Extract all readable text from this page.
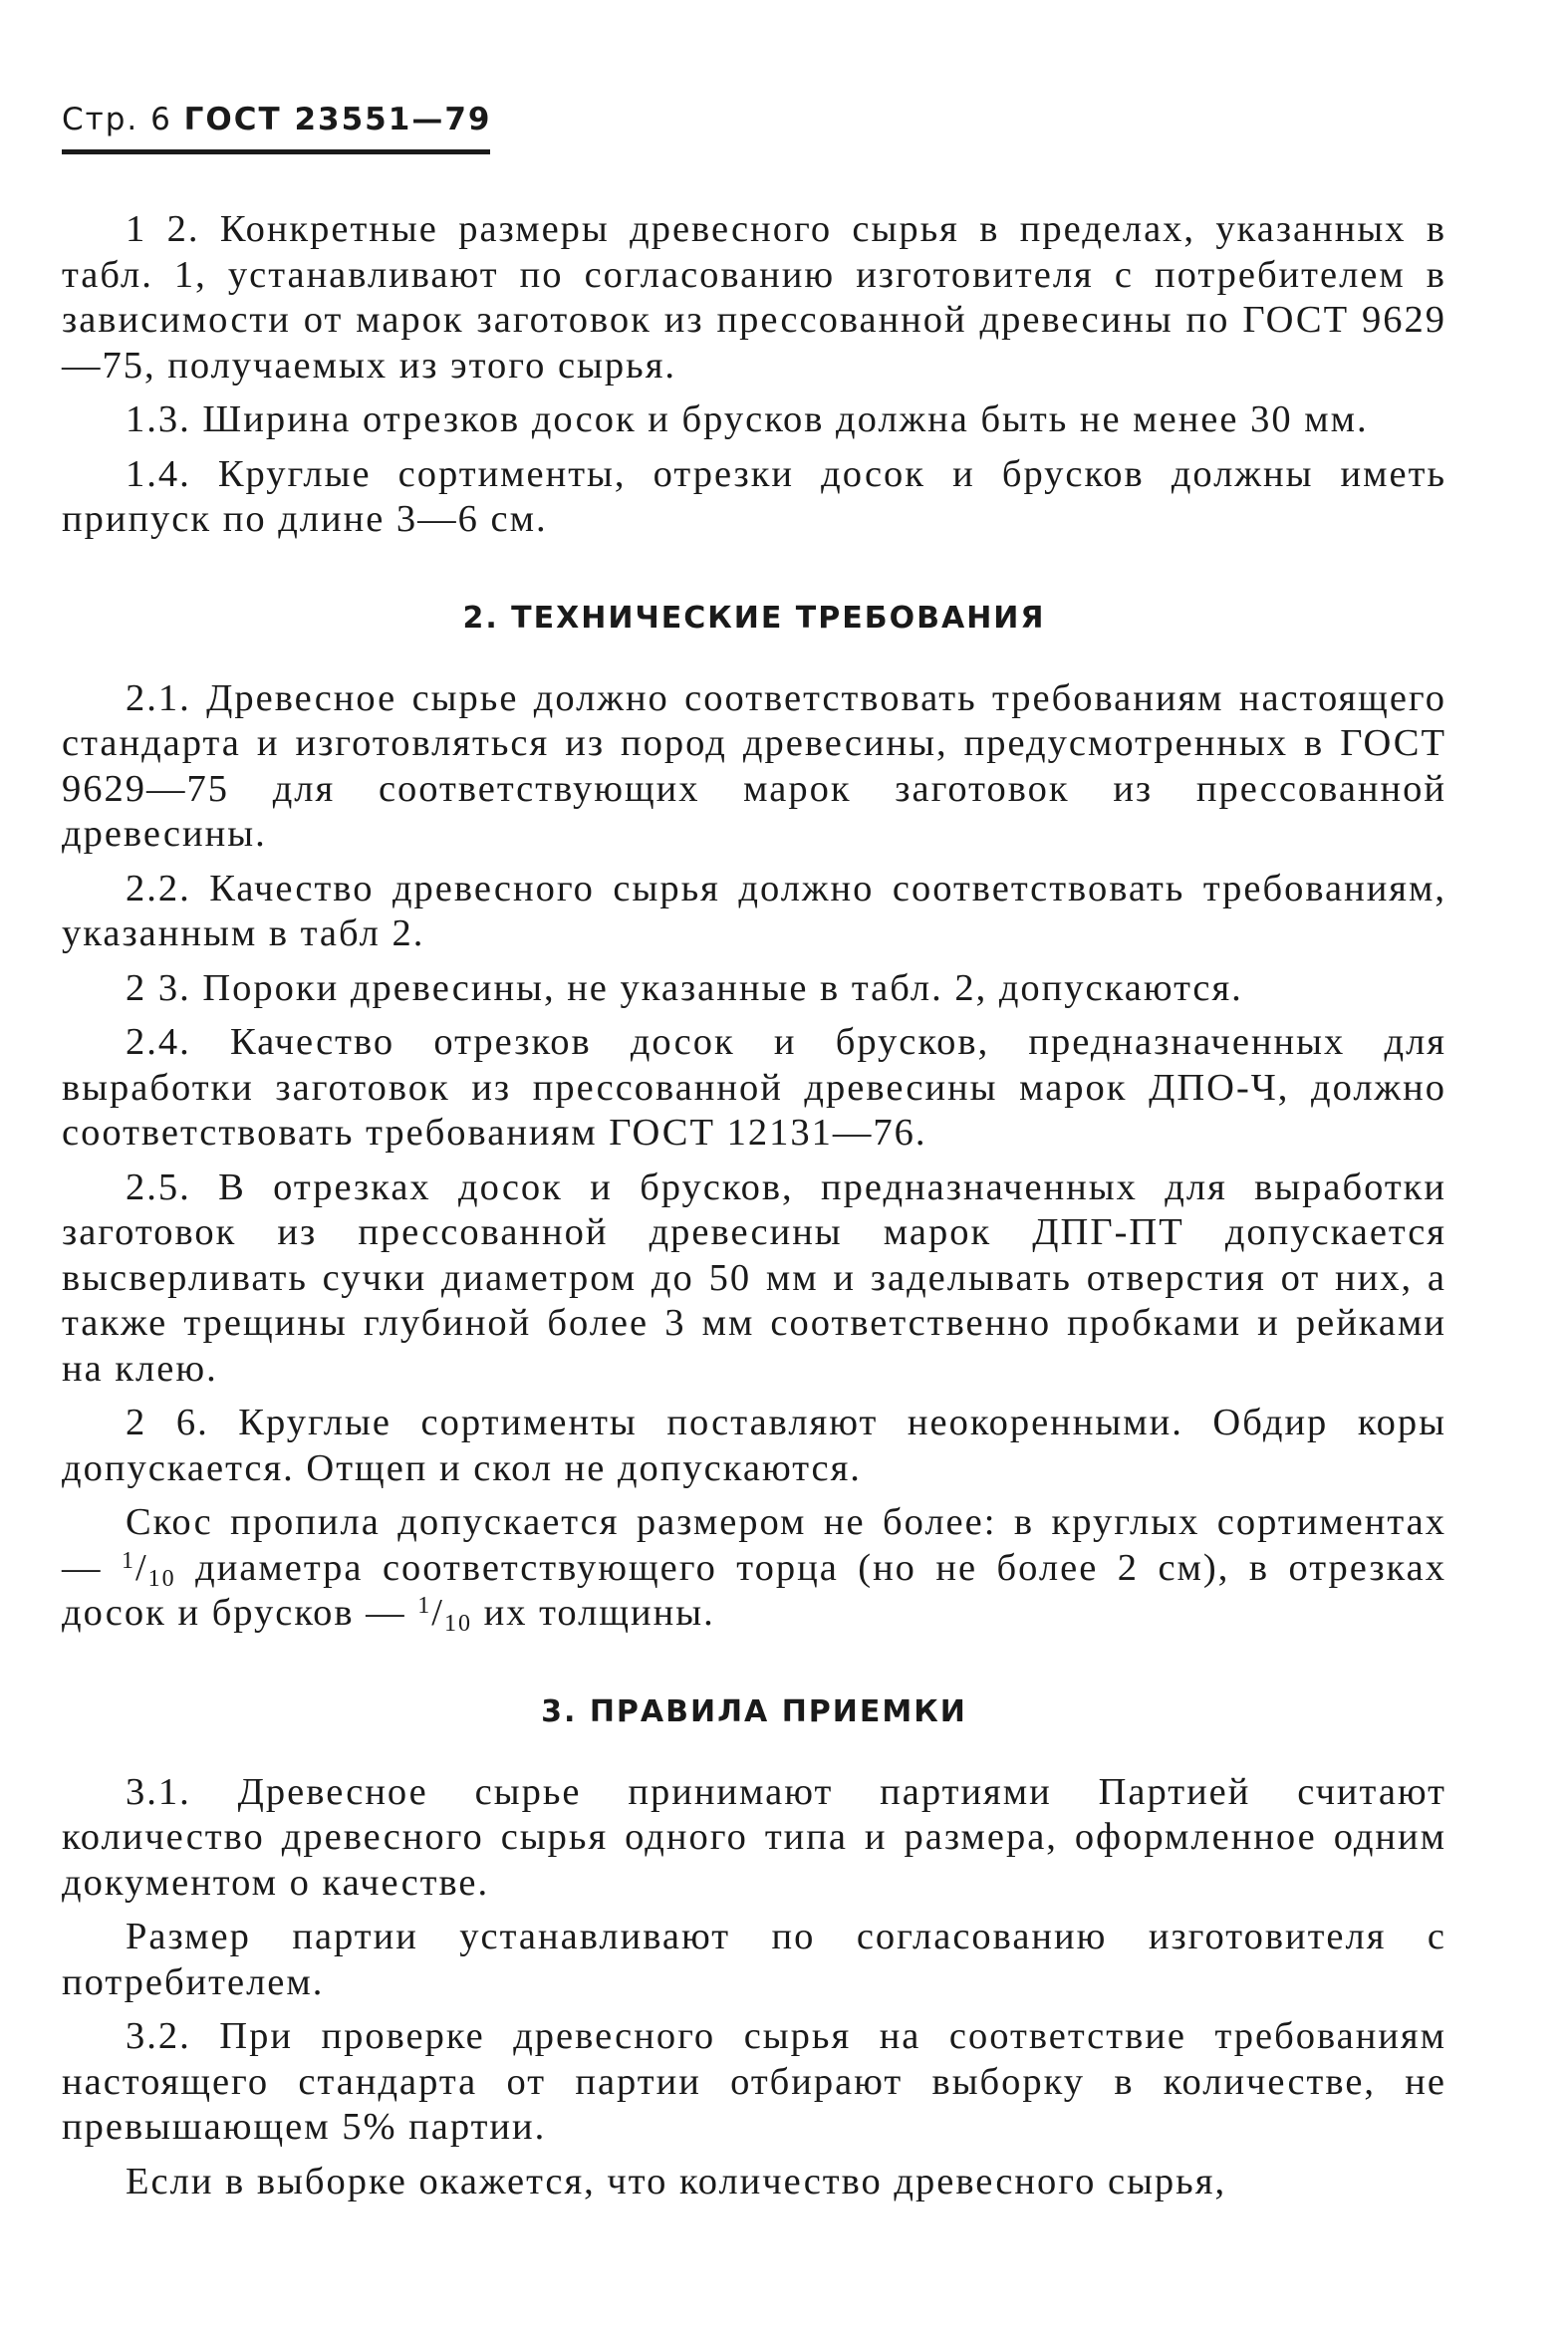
Стр. 6 ГОСТ 23551—79

1 2. Конкретные размеры древесного сырья в пределах, указанных в табл. 1, устанавливают по согласованию изготовителя с потребителем в зависимости от марок заготовок из прессованной древесины по ГОСТ 9629—75, получаемых из этого сырья.

1.3. Ширина отрезков досок и брусков должна быть не менее 30 мм.

1.4. Круглые сортименты, отрезки досок и брусков должны иметь припуск по длине 3—6 см.

2. ТЕХНИЧЕСКИЕ ТРЕБОВАНИЯ

2.1. Древесное сырье должно соответствовать требованиям настоящего стандарта и изготовляться из пород древесины, предусмотренных в ГОСТ 9629—75 для соответствующих марок заготовок из прессованной древесины.

2.2. Качество древесного сырья должно соответствовать требованиям, указанным в табл 2.

2 3. Пороки древесины, не указанные в табл. 2, допускаются.

2.4. Качество отрезков досок и брусков, предназначенных для выработки заготовок из прессованной древесины марок ДПО-Ч, должно соответствовать требованиям ГОСТ 12131—76.

2.5. В отрезках досок и брусков, предназначенных для выработки заготовок из прессованной древесины марок ДПГ-ПТ допускается высверливать сучки диаметром до 50 мм и заделывать отверстия от них, а также трещины глубиной более 3 мм соответственно пробками и рейками на клею.

2 6. Круглые сортименты поставляют неокоренными. Обдир коры допускается. Отщеп и скол не допускаются.

Скос пропила допускается размером не более: в круглых сортиментах — $^1/_{10}$ диаметра соответствующего торца (но не более 2 см), в отрезках досок и брусков — $^1/_{10}$ их толщины.

3. ПРАВИЛА ПРИЕМКИ

3.1. Древесное сырье принимают партиями Партией считают количество древесного сырья одного типа и размера, оформленное одним документом о качестве.

Размер партии устанавливают по согласованию изготовителя с потребителем.

3.2. При проверке древесного сырья на соответствие требованиям настоящего стандарта от партии отбирают выборку в количестве, не превышающем 5% партии.

Если в выборке окажется, что количество древесного сырья,
